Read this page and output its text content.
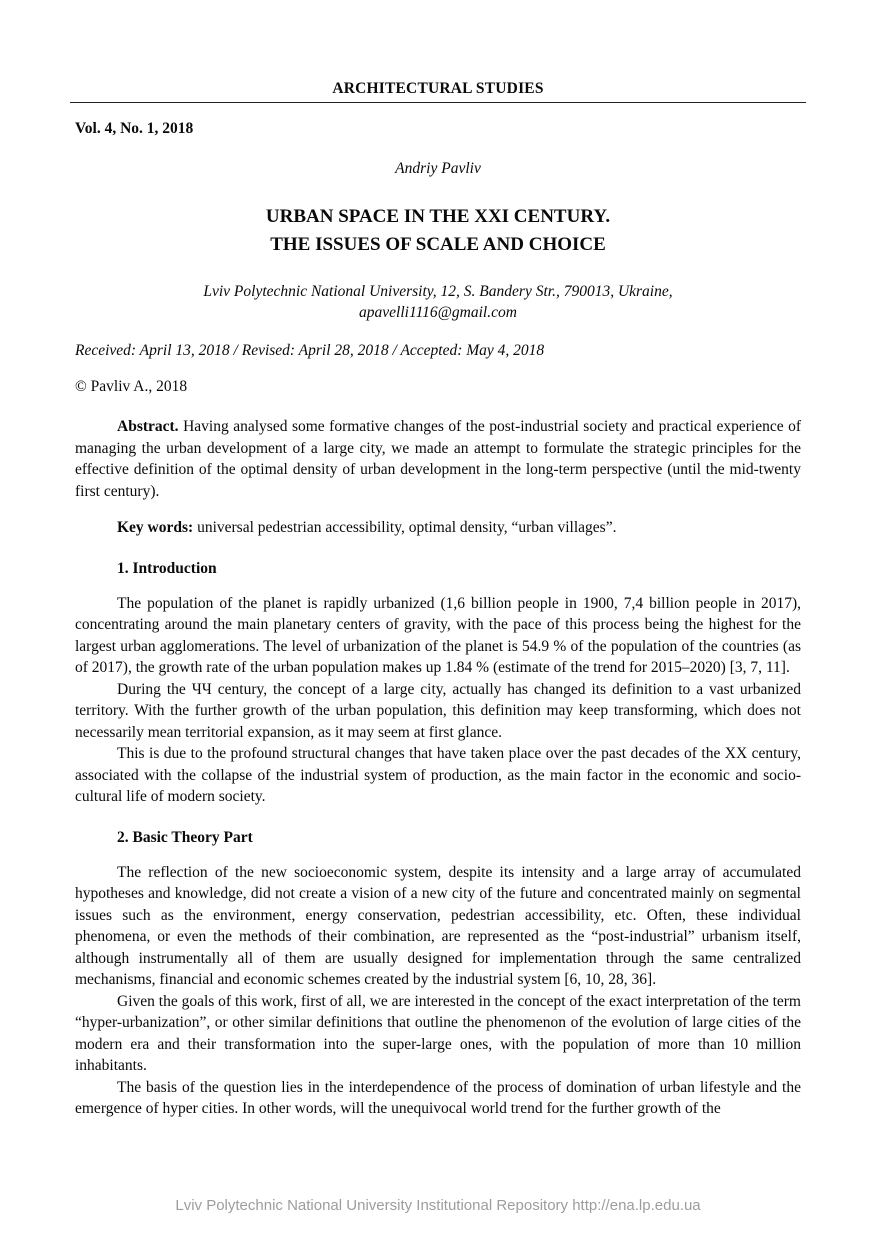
ARCHITECTURAL STUDIES
Vol. 4, No. 1, 2018
Andriy Pavliv
URBAN SPACE IN THE XXI CENTURY.
THE ISSUES OF SCALE AND CHOICE
Lviv Polytechnic National University, 12, S. Bandery Str., 790013, Ukraine,
apavelli1116@gmail.com
Received: April 13, 2018 / Revised: April 28, 2018 / Accepted: May 4, 2018
© Pavliv A., 2018

Abstract. Having analysed some formative changes of the post-industrial society and practical experience of managing the urban development of a large city, we made an attempt to formulate the strategic principles for the effective definition of the optimal density of urban development in the long-term perspective (until the mid-twenty first century).

Key words: universal pedestrian accessibility, optimal density, “urban villages”.

1. Introduction

The population of the planet is rapidly urbanized (1,6 billion people in 1900, 7,4 billion people in 2017), concentrating around the main planetary centers of gravity, with the pace of this process being the highest for the largest urban agglomerations. The level of urbanization of the planet is 54.9 % of the population of the countries (as of 2017), the growth rate of the urban population makes up 1.84 % (estimate of the trend for 2015–2020) [3, 7, 11].

During the ЧЧ century, the concept of a large city, actually has changed its definition to a vast urbanized territory. With the further growth of the urban population, this definition may keep transforming, which does not necessarily mean territorial expansion, as it may seem at first glance.

This is due to the profound structural changes that have taken place over the past decades of the XX century, associated with the collapse of the industrial system of production, as the main factor in the economic and socio-cultural life of modern society.

2. Basic Theory Part

The reflection of the new socioeconomic system, despite its intensity and a large array of accumulated hypotheses and knowledge, did not create a vision of a new city of the future and concentrated mainly on segmental issues such as the environment, energy conservation, pedestrian accessibility, etc. Often, these individual phenomena, or even the methods of their combination, are represented as the “post-industrial” urbanism itself, although instrumentally all of them are usually designed for implementation through the same centralized mechanisms, financial and economic schemes created by the industrial system [6, 10, 28, 36].

Given the goals of this work, first of all, we are interested in the concept of the exact interpretation of the term “hyper-urbanization”, or other similar definitions that outline the phenomenon of the evolution of large cities of the modern era and their transformation into the super-large ones, with the population of more than 10 million inhabitants.

The basis of the question lies in the interdependence of the process of domination of urban lifestyle and the emergence of hyper cities. In other words, will the unequivocal world trend for the further growth of the

Lviv Polytechnic National University Institutional Repository http://ena.lp.edu.ua
